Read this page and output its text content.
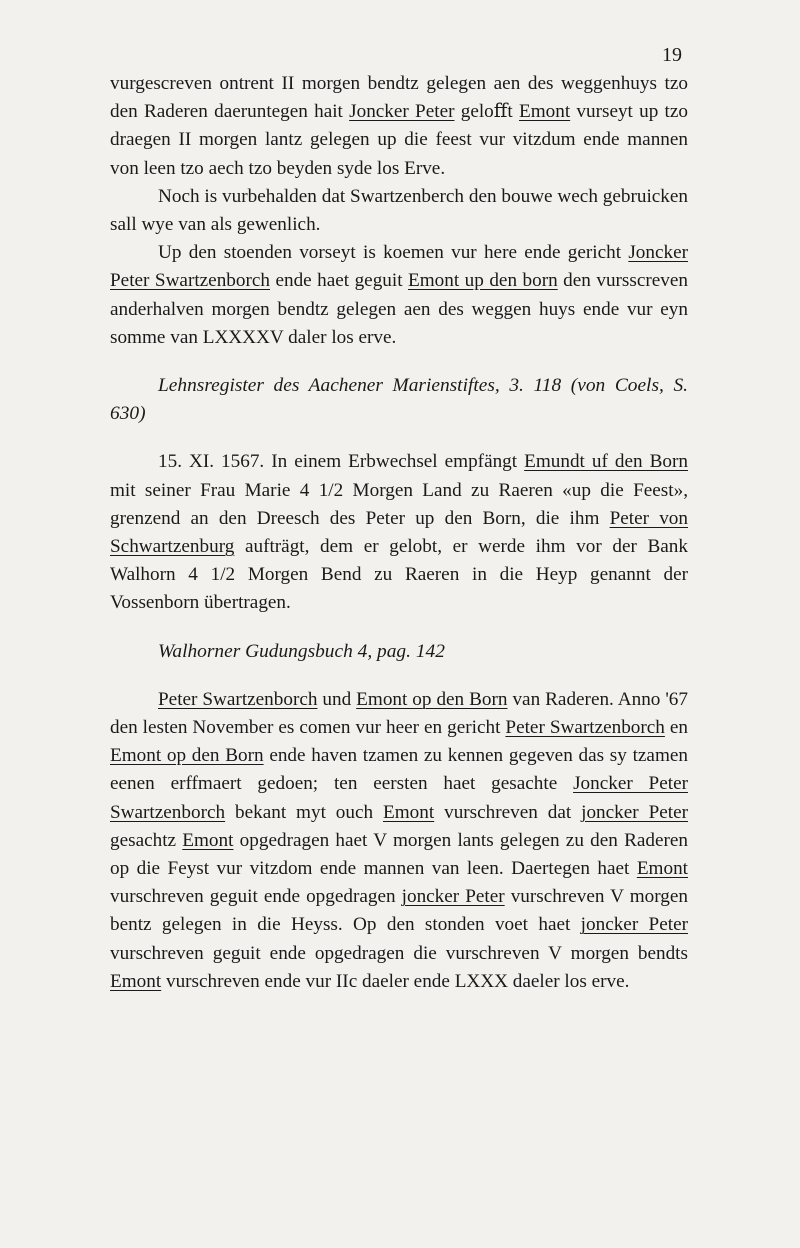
19

vurgescreven ontrent II morgen bendtz gelegen aen des weggenhuys tzo den Raderen daeruntegen hait Joncker Peter geloﬀt Emont vurseyt up tzo draegen II morgen lantz gelegen up die feest vur vitzdum ende mannen von leen tzo aech tzo beyden syde los Erve.

Noch is vurbehalden dat Swartzenberch den bouwe wech gebruicken sall wye van als gewenlich.

Up den stoenden vorseyt is koemen vur here ende gericht Joncker Peter Swartzenborch ende haet geguit Emont up den born den vursscreven anderhalven morgen bendtz gelegen aen des weggen huys ende vur eyn somme van LXXXXV daler los erve.

Lehnsregister des Aachener Marienstiftes, 3. 118 (von Coels, S. 630)

15. XI. 1567. In einem Erbwechsel empfängt Emundt uf den Born mit seiner Frau Marie 4 1/2 Morgen Land zu Raeren «up die Feest», grenzend an den Dreesch des Peter up den Born, die ihm Peter von Schwartzenburg aufträgt, dem er gelobt, er werde ihm vor der Bank Walhorn 4 1/2 Morgen Bend zu Raeren in die Heyp genannt der Vossenborn übertragen.

Walhorner Gudungsbuch 4, pag. 142

Peter Swartzenborch und Emont op den Born van Raderen. Anno '67 den lesten November es comen vur heer en gericht Peter Swartzenborch en Emont op den Born ende haven tzamen zu kennen gegeven das sy tzamen eenen erffmaert gedoen; ten eersten haet gesachte Joncker Peter Swartzenborch bekant myt ouch Emont vurschreven dat joncker Peter gesachtz Emont opgedragen haet V morgen lants gelegen zu den Raderen op die Feyst vur vitzdom ende mannen van leen. Daertegen haet Emont vurschreven geguit ende opgedragen joncker Peter vurschreven V morgen bentz gelegen in die Heyss. Op den stonden voet haet joncker Peter vurschreven geguit ende opgedragen die vurschreven V morgen bendts Emont vurschreven ende vur IIc daeler ende LXXX daeler los erve.
